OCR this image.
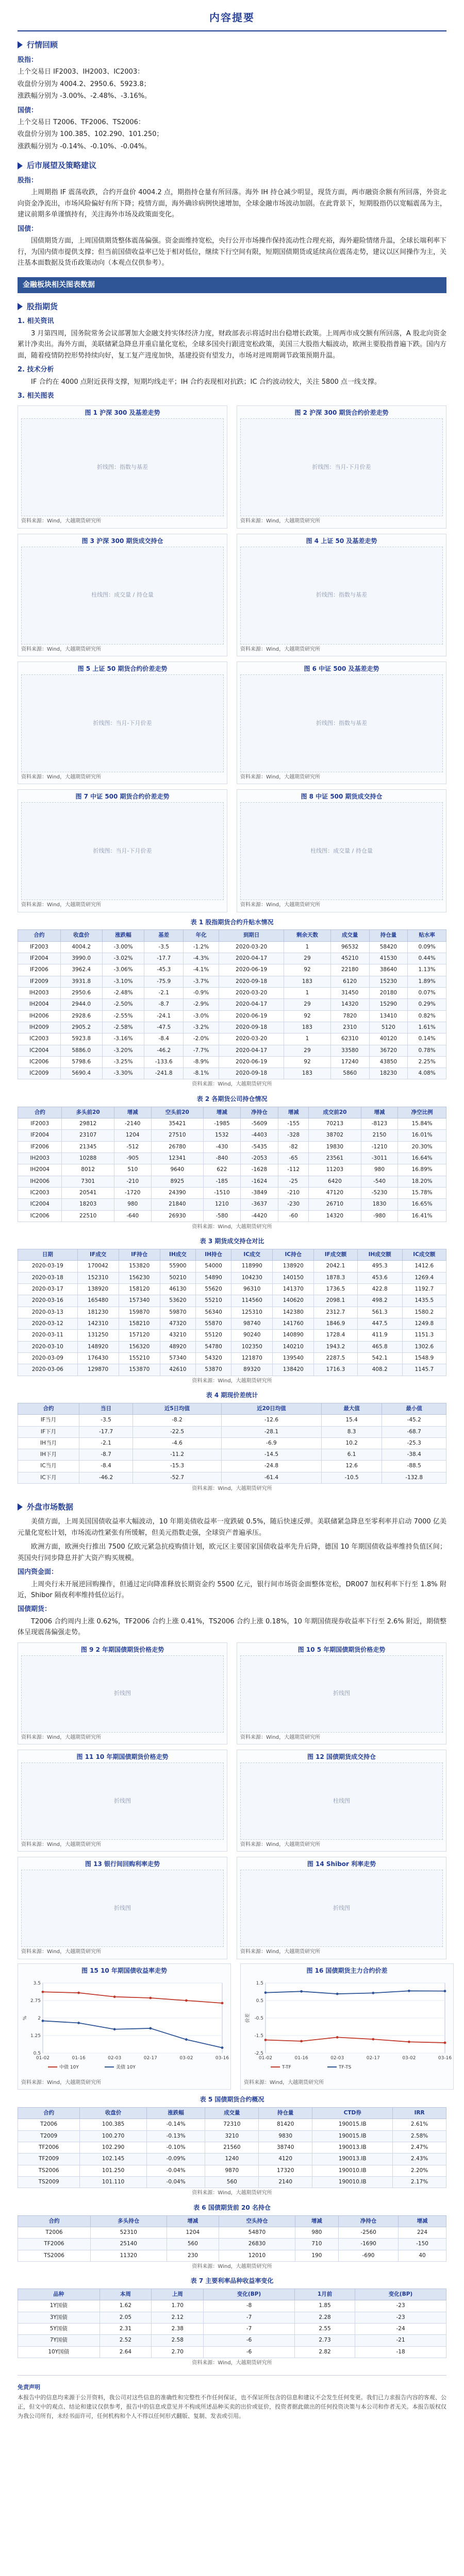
内容提要
行情回顾
股指：
上个交易日 IF2003、IH2003、IC2003：
收盘价分别为 4004.2、2950.6、5923.8；
涨跌幅分别为 -3.00%、-2.48%、-3.16%。
国债：
上个交易日 T2006、TF2006、TS2006：
收盘价分别为 100.385、102.290、101.250；
涨跌幅分别为 -0.14%、-0.10%、-0.04%。
后市展望及策略建议
股指：

上周期指 IF 震荡收跌，合约开盘价 4004.2 点，期指持仓量有所回落。海外 IH 持仓减少明显，现货方面，两市融资余额有所回落，外资北向资金净流出，市场风险偏好有所下降；疫情方面，海外确诊病例快速增加，全球金融市场波动加剧。在此背景下，短期股指仍以宽幅震荡为主，建议前期多单谨慎持有，关注海外市场及政策面变化。

国债：

国债期货方面，上周国债期货整体震荡偏强。资金面维持宽松，央行公开市场操作保持流动性合理充裕，海外避险情绪升温，全球长端利率下行，为国内债市提供支撑；但当前国债收益率已处于相对低位，继续下行空间有限，短期国债期货或延续高位震荡走势，建议以区间操作为主，关注基本面数据及货币政策动向（本观点仅供参考）。

金融板块相关图表数据
股指期货
1. 相关资讯

3 月第四周，国务院常务会议部署加大金融支持实体经济力度，财政部表示将适时出台稳增长政策。上周两市成交额有所回落，A 股北向资金累计净卖出。海外方面，美联储紧急降息并重启量化宽松，全球多国央行跟进宽松政策，美国三大股指大幅波动，欧洲主要股指普遍下跌。国内方面，随着疫情防控形势持续向好，复工复产进度加快，基建投资有望发力，市场对逆周期调节政策预期升温。

2. 技术分析

IF 合约在 4000 点附近获得支撑，短期均线走平；IH 合约表现相对抗跌；IC 合约波动较大，关注 5800 点一线支撑。

3. 相关图表
图 1 沪深 300 及基差走势
折线图：指数与基差
资料来源：Wind，大越期货研究所
图 2 沪深 300 期货合约价差走势
折线图：当月-下月价差
资料来源：Wind，大越期货研究所
图 3 沪深 300 期货成交持仓
柱线图：成交量 / 持仓量
资料来源：Wind，大越期货研究所
图 4 上证 50 及基差走势
折线图：指数与基差
资料来源：Wind，大越期货研究所
图 5 上证 50 期货合约价差走势
折线图：当月-下月价差
资料来源：Wind，大越期货研究所
图 6 中证 500 及基差走势
折线图：指数与基差
资料来源：Wind，大越期货研究所
图 7 中证 500 期货合约价差走势
折线图：当月-下月价差
资料来源：Wind，大越期货研究所
图 8 中证 500 期货成交持仓
柱线图：成交量 / 持仓量
资料来源：Wind，大越期货研究所
表 1 股指期货合约升贴水情况
合约	收盘价	涨跌幅	基差	年化	到期日	剩余天数	成交量	持仓量	贴水率
IF2003	4004.2	-3.00%	-3.5	-1.2%	2020-03-20	1	96532	58420	0.09%
IF2004	3990.0	-3.02%	-17.7	-4.3%	2020-04-17	29	45210	41530	0.44%
IF2006	3962.4	-3.06%	-45.3	-4.1%	2020-06-19	92	22180	38640	1.13%
IF2009	3931.8	-3.10%	-75.9	-3.7%	2020-09-18	183	6120	15230	1.89%
IH2003	2950.6	-2.48%	-2.1	-0.9%	2020-03-20	1	31450	20180	0.07%
IH2004	2944.0	-2.50%	-8.7	-2.9%	2020-04-17	29	14320	15290	0.29%
IH2006	2928.6	-2.55%	-24.1	-3.0%	2020-06-19	92	7820	13410	0.82%
IH2009	2905.2	-2.58%	-47.5	-3.2%	2020-09-18	183	2310	5120	1.61%
IC2003	5923.8	-3.16%	-8.4	-2.0%	2020-03-20	1	62310	40120	0.14%
IC2004	5886.0	-3.20%	-46.2	-7.7%	2020-04-17	29	33580	36720	0.78%
IC2006	5798.6	-3.25%	-133.6	-8.9%	2020-06-19	92	17240	43850	2.25%
IC2009	5690.4	-3.30%	-241.8	-8.1%	2020-09-18	183	5860	18230	4.08%
资料来源：Wind，大越期货研究所
表 2 各期货公司持仓情况
合约	多头前20	增减	空头前20	增减	净持仓	增减	成交前20	增减	净空比例
IF2003	29812	-2140	35421	-1985	-5609	-155	70213	-8123	15.84%
IF2004	23107	1204	27510	1532	-4403	-328	38702	2150	16.01%
IF2006	21345	-512	26780	-430	-5435	-82	19830	-1210	20.30%
IH2003	10288	-905	12341	-840	-2053	-65	23561	-3011	16.64%
IH2004	8012	510	9640	622	-1628	-112	11203	980	16.89%
IH2006	7301	-210	8925	-185	-1624	-25	6420	-540	18.20%
IC2003	20541	-1720	24390	-1510	-3849	-210	47120	-5230	15.78%
IC2004	18203	980	21840	1210	-3637	-230	26710	1830	16.65%
IC2006	22510	-640	26930	-580	-4420	-60	14320	-980	16.41%
资料来源：Wind，大越期货研究所
表 3 期货成交持仓对比
日期	IF成交	IF持仓	IH成交	IH持仓	IC成交	IC持仓	IF成交额	IH成交额	IC成交额
2020-03-19	170042	153820	55900	54000	118990	138920	2042.1	495.3	1412.6
2020-03-18	152310	156230	50210	54890	104230	140150	1878.3	453.6	1269.4
2020-03-17	138920	158120	46130	55620	96310	141370	1736.5	422.8	1192.7
2020-03-16	165480	157340	53620	55210	114560	140620	2098.1	498.2	1435.5
2020-03-13	181230	159870	59870	56340	125310	142380	2312.7	561.3	1580.2
2020-03-12	142310	158210	47320	55870	98740	141760	1846.9	447.5	1249.8
2020-03-11	131250	157120	43210	55120	90240	140890	1728.4	411.9	1151.3
2020-03-10	148920	156320	48920	54780	102350	140210	1943.2	465.8	1302.6
2020-03-09	176430	155210	57340	54320	121870	139540	2287.5	542.1	1548.9
2020-03-06	129870	153870	42610	53870	89320	138420	1716.3	408.2	1145.7
资料来源：Wind，大越期货研究所
表 4 期现价差统计
合约	当日	近5日均值	近20日均值	最大值	最小值
IF当月	-3.5	-8.2	-12.6	15.4	-45.2
IF下月	-17.7	-22.5	-28.1	8.3	-68.7
IH当月	-2.1	-4.6	-6.9	10.2	-25.3
IH下月	-8.7	-11.2	-14.5	6.1	-38.4
IC当月	-8.4	-15.3	-24.8	12.6	-88.5
IC下月	-46.2	-52.7	-61.4	-10.5	-132.8
资料来源：Wind，大越期货研究所
外盘市场数据

美债方面，上周美国国债收益率大幅波动，10 年期美债收益率一度跌破 0.5%，随后快速反弹。美联储紧急降息至零利率并启动 7000 亿美元量化宽松计划，市场流动性紧张有所缓解，但美元指数走强，全球资产普遍承压。

欧洲方面，欧洲央行推出 7500 亿欧元紧急抗疫购债计划，欧元区主要国家国债收益率先升后降，德国 10 年期国债收益率维持负值区间；英国央行同步降息并扩大资产购买规模。

国内资金面：

上周央行未开展逆回购操作，但通过定向降准释放长期资金约 5500 亿元，银行间市场资金面整体宽松，DR007 加权利率下行至 1.8% 附近，Shibor 隔夜利率维持低位运行。

国债期货：

T2006 合约周内上涨 0.62%，TF2006 合约上涨 0.41%，TS2006 合约上涨 0.18%，10 年期国债现券收益率下行至 2.6% 附近，期债整体呈现震荡偏强走势。

图 9 2 年期国债期货价格走势
折线图
资料来源：Wind，大越期货研究所
图 10 5 年期国债期货价格走势
折线图
资料来源：Wind，大越期货研究所
图 11 10 年期国债期货价格走势
折线图
资料来源：Wind，大越期货研究所
图 12 国债期货成交持仓
柱线图
资料来源：Wind，大越期货研究所
图 13 银行间回购利率走势
折线图
资料来源：Wind，大越期货研究所
图 14 Shibor 利率走势
折线图
资料来源：Wind，大越期货研究所
图 15 10 年期国债收益率走势
0.5
1.25
2
2.75
3.5
01-02	01-16	02-03	02-17	03-02	03-16
中债 10Y	美债 10Y
%
资料来源：Wind，大越期货研究所
图 16 国债期货主力合约价差
-2.5
-1.5
-0.5
0.5
1.5
01-02	01-16	02-03	02-17	03-02	03-16
T-TF	TF-TS
价差
资料来源：Wind，大越期货研究所
表 5 国债期货合约概况
合约	收盘价	涨跌幅	成交量	持仓量	CTD券	IRR
T2006	100.385	-0.14%	72310	81420	190015.IB	2.61%
T2009	100.270	-0.13%	3210	9830	190015.IB	2.58%
TF2006	102.290	-0.10%	21560	38740	190013.IB	2.47%
TF2009	102.145	-0.09%	1240	4120	190013.IB	2.43%
TS2006	101.250	-0.04%	9870	17320	190010.IB	2.20%
TS2009	101.110	-0.04%	560	2140	190010.IB	2.17%
资料来源：Wind，大越期货研究所
表 6 国债期货前 20 名持仓
合约	多头持仓	增减	空头持仓	增减	净持仓	增减
T2006	52310	1204	54870	980	-2560	224
TF2006	25140	560	26830	710	-1690	-150
TS2006	11320	230	12010	190	-690	40
资料来源：Wind，大越期货研究所
表 7 主要利率品种收益率变化
品种	本周	上周	变化(BP)	1月前	变化(BP)
1Y国债	1.62	1.70	-8	1.85	-23
3Y国债	2.05	2.12	-7	2.28	-23
5Y国债	2.31	2.38	-7	2.55	-24
7Y国债	2.52	2.58	-6	2.73	-21
10Y国债	2.64	2.70	-6	2.82	-18
资料来源：Wind，大越期货研究所
免责声明

本报告中的信息均来源于公开资料，我公司对这些信息的准确性和完整性不作任何保证，也不保证所包含的信息和建议不会发生任何变更。我们已力求报告内容的客观、公正，但文中的观点、结论和建议仅供参考，报告中的信息或意见并不构成所述品种买卖的出价或征价，投资者据此做出的任何投资决策与本公司和作者无关。本报告版权仅为我公司所有，未经书面许可，任何机构和个人不得以任何形式翻版、复制、发表或引用。
